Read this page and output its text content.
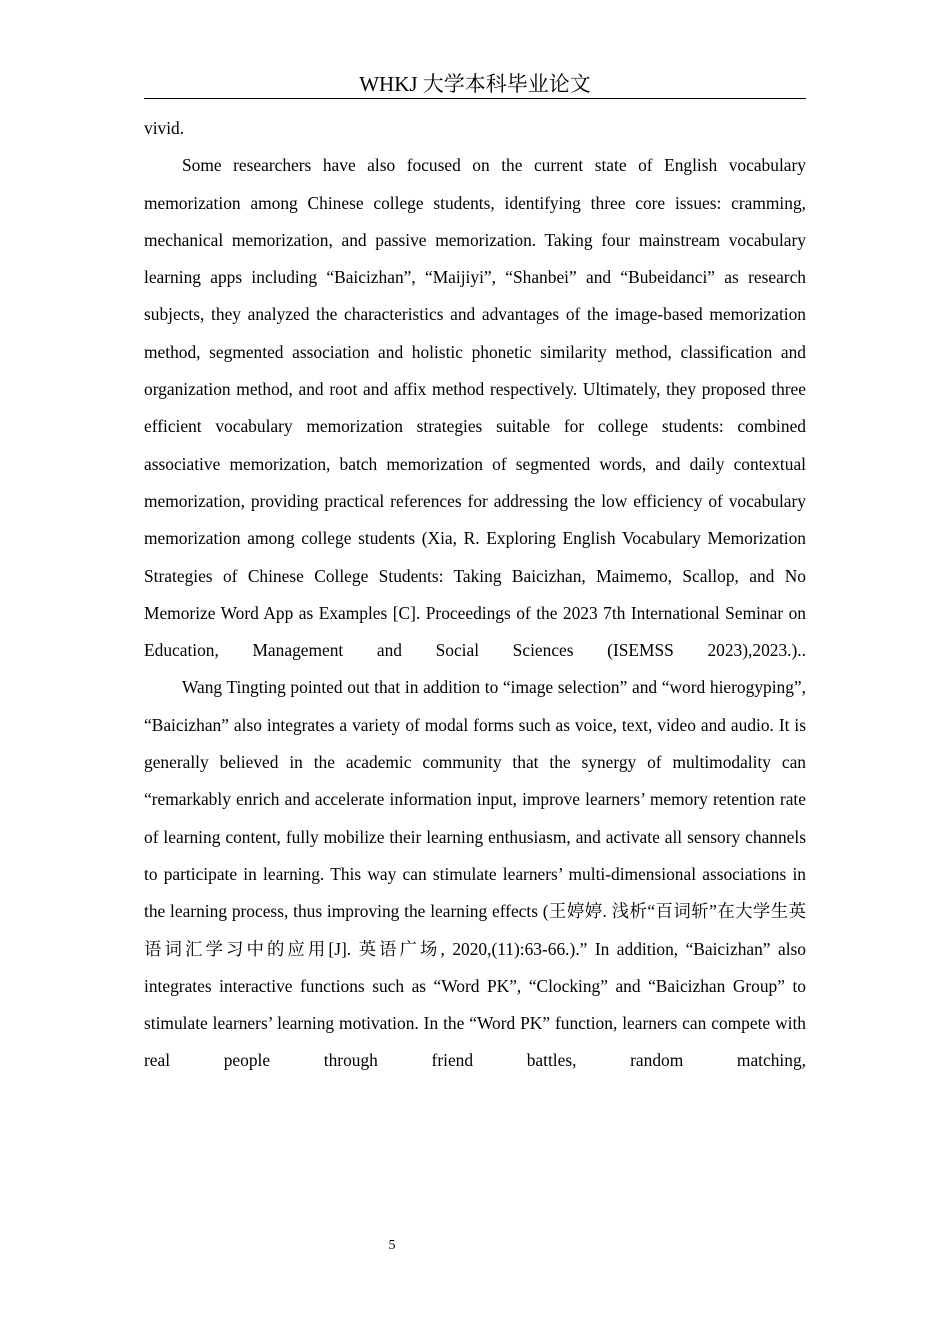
WHKJ 大学本科毕业论文

vivid.

Some researchers have also focused on the current state of English vocabulary memorization among Chinese college students, identifying three core issues: cramming, mechanical memorization, and passive memorization. Taking four mainstream vocabulary learning apps including “Baicizhan”, “Maijiyi”, “Shanbei” and “Bubeidanci” as research subjects, they analyzed the characteristics and advantages of the image-based memorization method, segmented association and holistic phonetic similarity method, classification and organization method, and root and affix method respectively. Ultimately, they proposed three efficient vocabulary memorization strategies suitable for college students: combined associative memorization, batch memorization of segmented words, and daily contextual memorization, providing practical references for addressing the low efficiency of vocabulary memorization among college students (Xia, R. Exploring English Vocabulary Memorization Strategies of Chinese College Students: Taking Baicizhan, Maimemo, Scallop, and No Memorize Word App as Examples [C]. Proceedings of the 2023 7th International Seminar on Education, Management and Social Sciences (ISEMSS 2023),2023.)..

Wang Tingting pointed out that in addition to “image selection” and “word hierogyping”, “Baicizhan” also integrates a variety of modal forms such as voice, text, video and audio. It is generally believed in the academic community that the synergy of multimodality can “remarkably enrich and accelerate information input, improve learners’ memory retention rate of learning content, fully mobilize their learning enthusiasm, and activate all sensory channels to participate in learning. This way can stimulate learners’ multi-dimensional associations in the learning process, thus improving the learning effects (王婷婷. 浅析“百词斩”在大学生英语词汇学习中的应用[J]. 英语广场, 2020,(11):63-66.).” In addition, “Baicizhan” also integrates interactive functions such as “Word PK”, “Clocking” and “Baicizhan Group” to stimulate learners’ learning motivation. In the “Word PK” function, learners can compete with real people through friend battles, random matching,

5
